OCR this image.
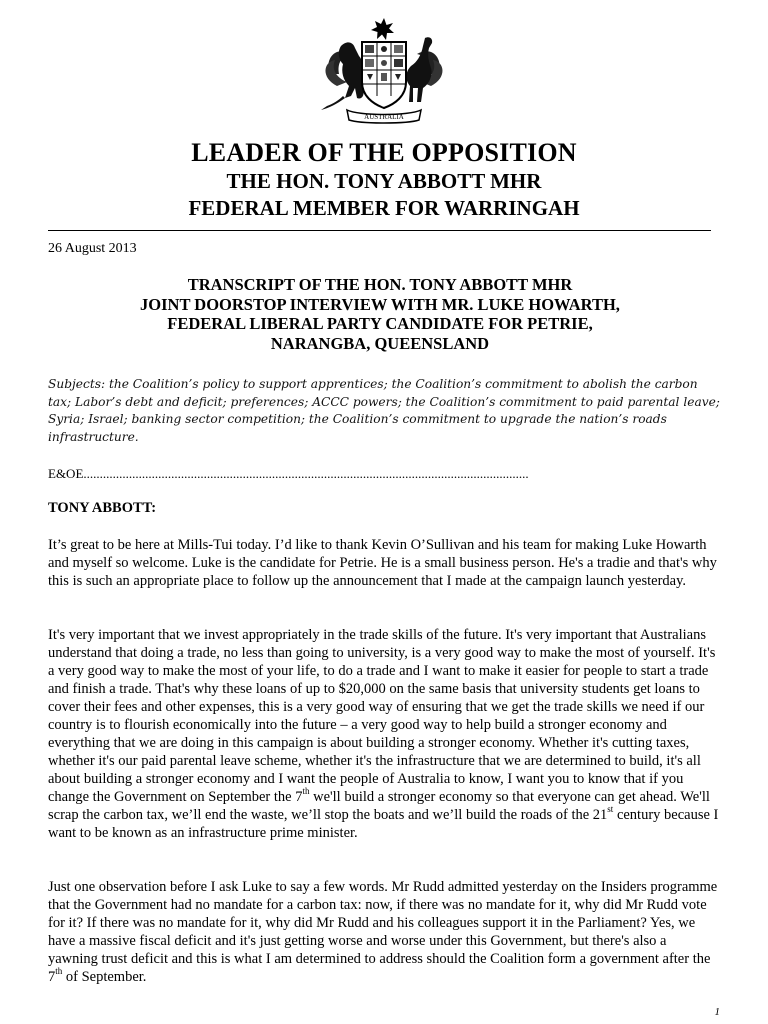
AUSTRALIA
LEADER OF THE OPPOSITION
THE HON. TONY ABBOTT MHR
FEDERAL MEMBER FOR WARRINGAH
26 August 2013
TRANSCRIPT OF THE HON. TONY ABBOTT MHR
JOINT DOORSTOP INTERVIEW WITH MR. LUKE HOWARTH,
FEDERAL LIBERAL PARTY CANDIDATE FOR PETRIE,
NARANGBA, QUEENSLAND
Subjects: the Coalition’s policy to support apprentices; the Coalition’s commitment to abolish the carbon tax; Labor’s debt and deficit; preferences; ACCC powers; the Coalition’s commitment to paid parental leave; Syria; Israel; banking sector competition; the Coalition’s commitment to upgrade the nation’s roads infrastructure.
E&OE.........................................................................................................................................
TONY ABBOTT:

It’s great to be here at Mills-Tui today. I’d like to thank Kevin O’Sullivan and his team for making Luke Howarth and myself so welcome. Luke is the candidate for Petrie. He is a small business person. He's a tradie and that's why this is such an appropriate place to follow up the announcement that I made at the campaign launch yesterday.

It's very important that we invest appropriately in the trade skills of the future. It's very important that Australians understand that doing a trade, no less than going to university, is a very good way to make the most of yourself. It's a very good way to make the most of your life, to do a trade and I want to make it easier for people to start a trade and finish a trade. That's why these loans of up to $20,000 on the same basis that university students get loans to cover their fees and other expenses, this is a very good way of ensuring that we get the trade skills we need if our country is to flourish economically into the future – a very good way to help build a stronger economy and everything that we are doing in this campaign is about building a stronger economy. Whether it's cutting taxes, whether it's our paid parental leave scheme, whether it's the infrastructure that we are determined to build, it's all about building a stronger economy and I want the people of Australia to know, I want you to know that if you change the Government on September the 7th we'll build a stronger economy so that everyone can get ahead. We'll scrap the carbon tax, we’ll end the waste, we’ll stop the boats and we’ll build the roads of the 21st century because I want to be known as an infrastructure prime minister.

Just one observation before I ask Luke to say a few words. Mr Rudd admitted yesterday on the Insiders programme that the Government had no mandate for a carbon tax: now, if there was no mandate for it, why did Mr Rudd vote for it? If there was no mandate for it, why did Mr Rudd and his colleagues support it in the Parliament? Yes, we have a massive fiscal deficit and it's just getting worse and worse under this Government, but there's also a yawning trust deficit and this is what I am determined to address should the Coalition form a government after the 7th of September.

1
